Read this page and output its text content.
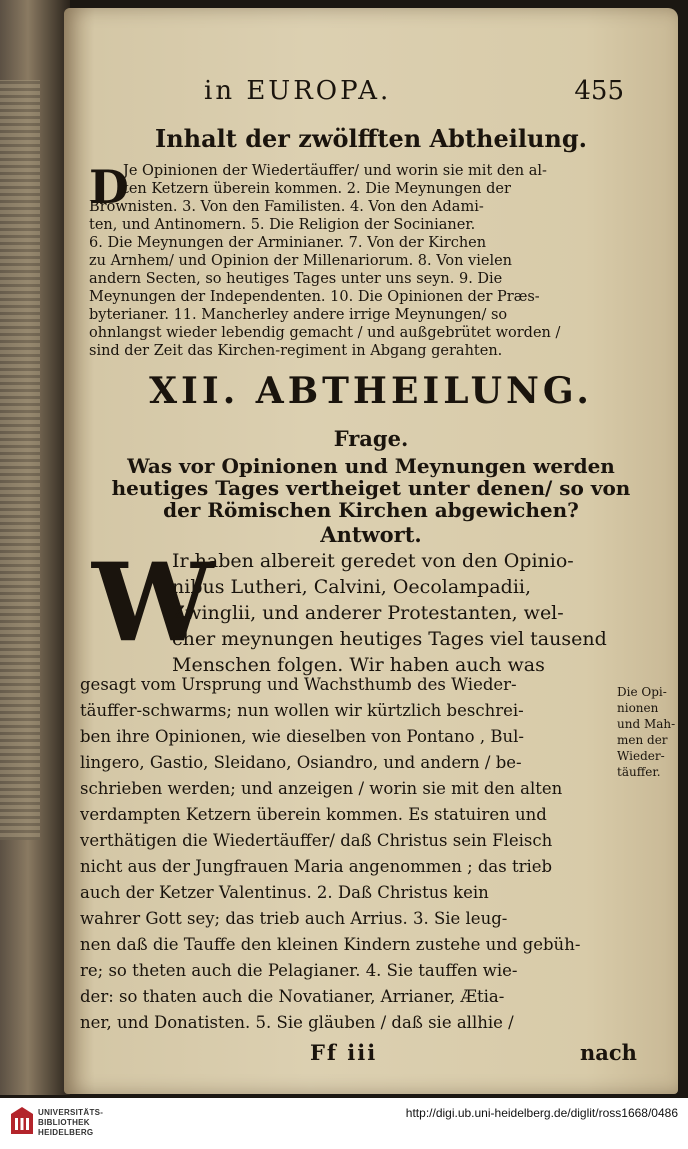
in EUROPA.	455
Inhalt der zwölfften Abtheilung.
D
Je Opinionen der Wiedertäuffer/ und worin sie mit den al-
ten Ketzern überein kommen. 2. Die Meynungen der
Brownisten. 3. Von den Familisten. 4. Von den Adami-
ten, und Antinomern. 5. Die Religion der Socinianer.
6. Die Meynungen der Arminianer. 7. Von der Kirchen
zu Arnhem/ und Opinion der Millenariorum. 8. Von vielen
andern Secten, so heutiges Tages unter uns seyn. 9. Die
Meynungen der Independenten. 10. Die Opinionen der Præs-
byterianer. 11. Mancherley andere irrige Meynungen/ so
ohnlangst wieder lebendig gemacht / und außgebrütet worden /
sind der Zeit das Kirchen-regiment in Abgang gerahten.
XII. ABTHEILUNG.
Frage.
Was vor Opinionen und Meynungen werden
heutiges Tages vertheiget unter denen/ so von
der Römischen Kirchen abgewichen?
Antwort.
W
Ir haben albereit geredet von den Opinio-
nibus Lutheri, Calvini, Oecolampadii,
Zwinglii, und anderer Protestanten, wel-
cher meynungen heutiges Tages viel tausend
Menschen folgen. Wir haben auch was
gesagt vom Ursprung und Wachsthumb des Wieder-
täuffer-schwarms; nun wollen wir kürtzlich beschrei-
ben ihre Opinionen, wie dieselben von Pontano , Bul-
lingero, Gastio, Sleidano, Osiandro, und andern / be-
schrieben werden; und anzeigen / worin sie mit den alten
verdampten Ketzern überein kommen. Es statuiren und
verthätigen die Wiedertäuffer/ daß Christus sein Fleisch
nicht aus der Jungfrauen Maria angenommen ; das trieb
auch der Ketzer Valentinus. 2. Daß Christus kein
wahrer Gott sey; das trieb auch Arrius. 3. Sie leug-
nen daß die Tauffe den kleinen Kindern zustehe und gebüh-
re; so theten auch die Pelagianer. 4. Sie tauffen wie-
der: so thaten auch die Novatianer, Arrianer, Ætia-
ner, und Donatisten. 5. Sie gläuben / daß sie allhie /
Die Opi-
nionen
und Mah-
men der
Wieder-
täuffer.
Ff iii	nach
UNIVERSITÄTS-
BIBLIOTHEK
HEIDELBERG
http://digi.ub.uni-heidelberg.de/diglit/ross1668/0486
